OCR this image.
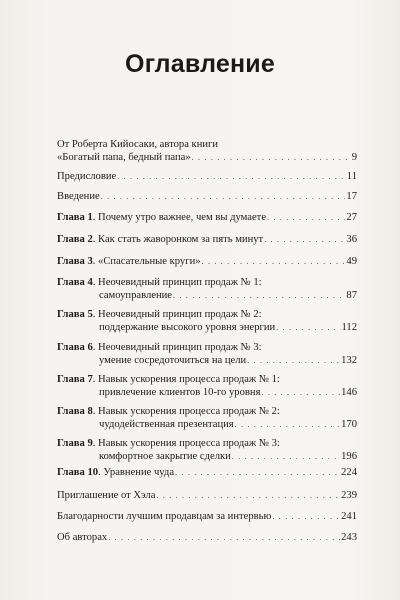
Оглавление
От Роберта Кийосаки, автора книги
«Богатый папа, бедный папа» . . .	9
Предисловие . . .	11
Введение . . .	17
Глава 1. Почему утро важнее, чем вы думаете . . .	27
Глава 2. Как стать жаворонком за пять минут . . .	36
Глава 3. «Спасательные круги» . . .	49
Глава 4. Неочевидный принцип продаж № 1:
самоуправление . . .	87
Глава 5. Неочевидный принцип продаж № 2:
поддержание высокого уровня энергии . . .	112
Глава 6. Неочевидный принцип продаж № 3:
умение сосредоточиться на цели . . .	132
Глава 7. Навык ускорения процесса продаж № 1:
привлечение клиентов 10-го уровня . . .	146
Глава 8. Навык ускорения процесса продаж № 2:
чудодейственная презентация . . .	170
Глава 9. Навык ускорения процесса продаж № 3:
комфортное закрытие сделки . . .	196
Глава 10. Уравнение чуда . . .	224
Приглашение от Хэла . . .	239
Благодарности лучшим продавцам за интервью . . .	241
Об авторах . . .	243
